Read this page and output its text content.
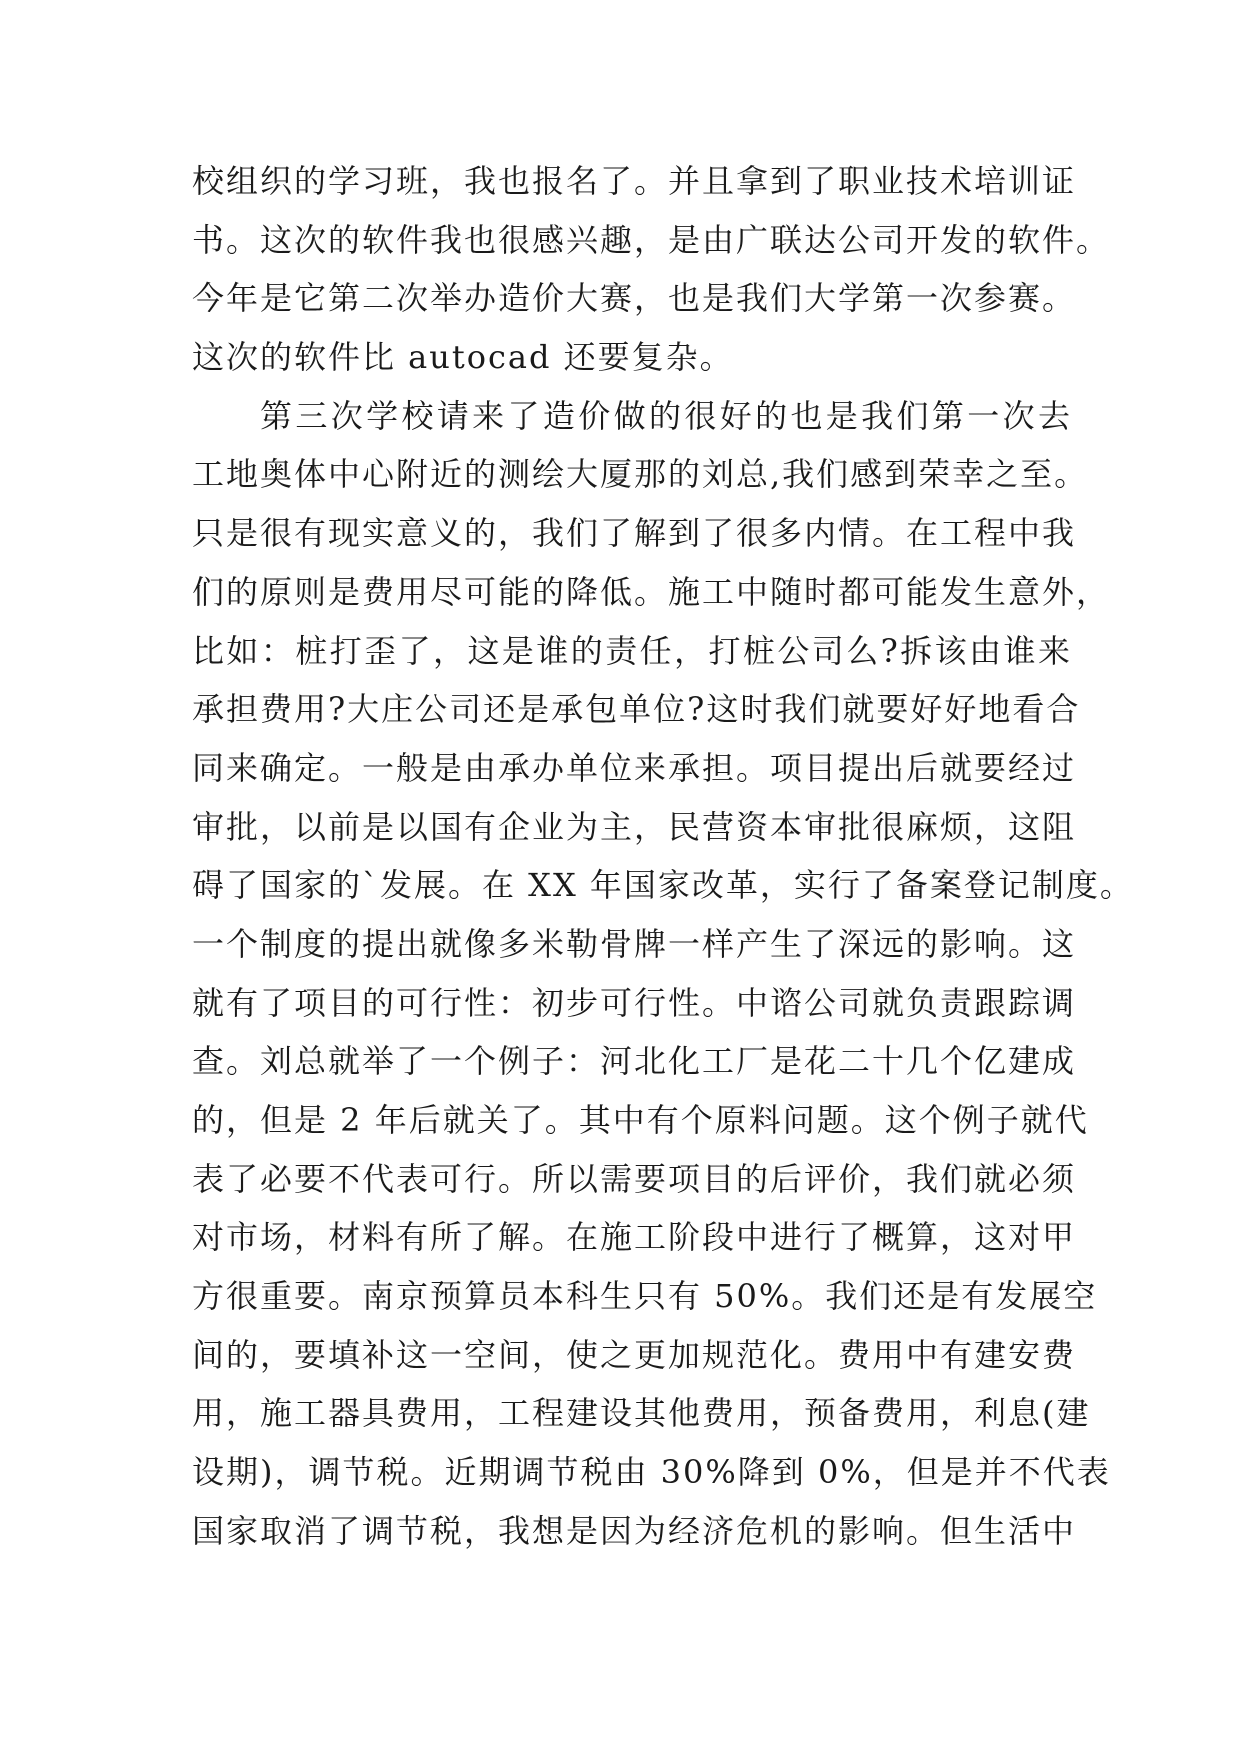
校组织的学习班，我也报名了。并且拿到了职业技术培训证
书。这次的软件我也很感兴趣，是由广联达公司开发的软件。
今年是它第二次举办造价大赛，也是我们大学第一次参赛。
这次的软件比 autocad 还要复杂。
第三次学校请来了造价做的很好的也是我们第一次去
工地奥体中心附近的测绘大厦那的刘总,我们感到荣幸之至。
只是很有现实意义的，我们了解到了很多内情。在工程中我
们的原则是费用尽可能的降低。施工中随时都可能发生意外，
比如：桩打歪了，这是谁的责任，打桩公司么?拆该由谁来
承担费用?大庄公司还是承包单位?这时我们就要好好地看合
同来确定。一般是由承办单位来承担。项目提出后就要经过
审批，以前是以国有企业为主，民营资本审批很麻烦，这阻
碍了国家的`发展。在 XX 年国家改革，实行了备案登记制度。
一个制度的提出就像多米勒骨牌一样产生了深远的影响。这
就有了项目的可行性：初步可行性。中谘公司就负责跟踪调
查。刘总就举了一个例子：河北化工厂是花二十几个亿建成
的，但是 2 年后就关了。其中有个原料问题。这个例子就代
表了必要不代表可行。所以需要项目的后评价，我们就必须
对市场，材料有所了解。在施工阶段中进行了概算，这对甲
方很重要。南京预算员本科生只有 50%。我们还是有发展空
间的，要填补这一空间，使之更加规范化。费用中有建安费
用，施工器具费用，工程建设其他费用，预备费用，利息(建
设期)，调节税。近期调节税由 30%降到 0%，但是并不代表
国家取消了调节税，我想是因为经济危机的影响。但生活中
